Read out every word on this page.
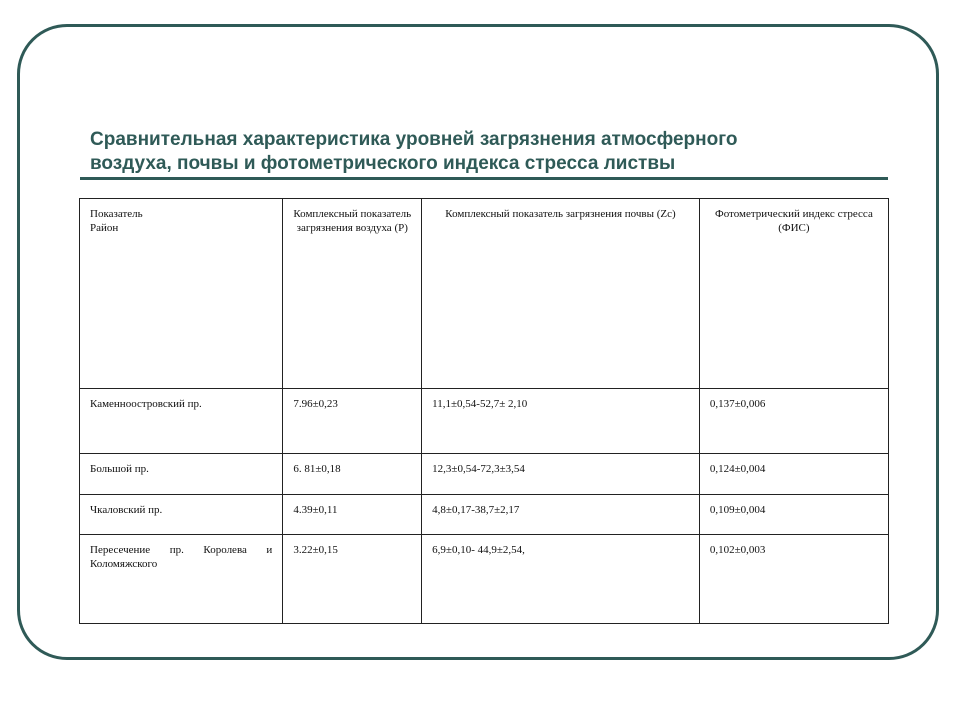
Сравнительная характеристика уровней загрязнения атмосферного
воздуха, почвы и фотометрического индекса стресса листвы
Показатель
Район	Комплексный показатель загрязнения воздуха (Р)	Комплексный показатель загрязнения почвы (Zc)	Фотометрический индекс стресса (ФИС)
Каменноостровский пр.	7.96±0,23	11,1±0,54-52,7± 2,10	0,137±0,006
Большой пр.	6. 81±0,18	12,3±0,54-72,3±3,54	0,124±0,004
Чкаловский пр.	4.39±0,11	4,8±0,17-38,7±2,17	0,109±0,004
Пересечение пр. Королева и Коломяжского	3.22±0,15	6,9±0,10- 44,9±2,54,	0,102±0,003
